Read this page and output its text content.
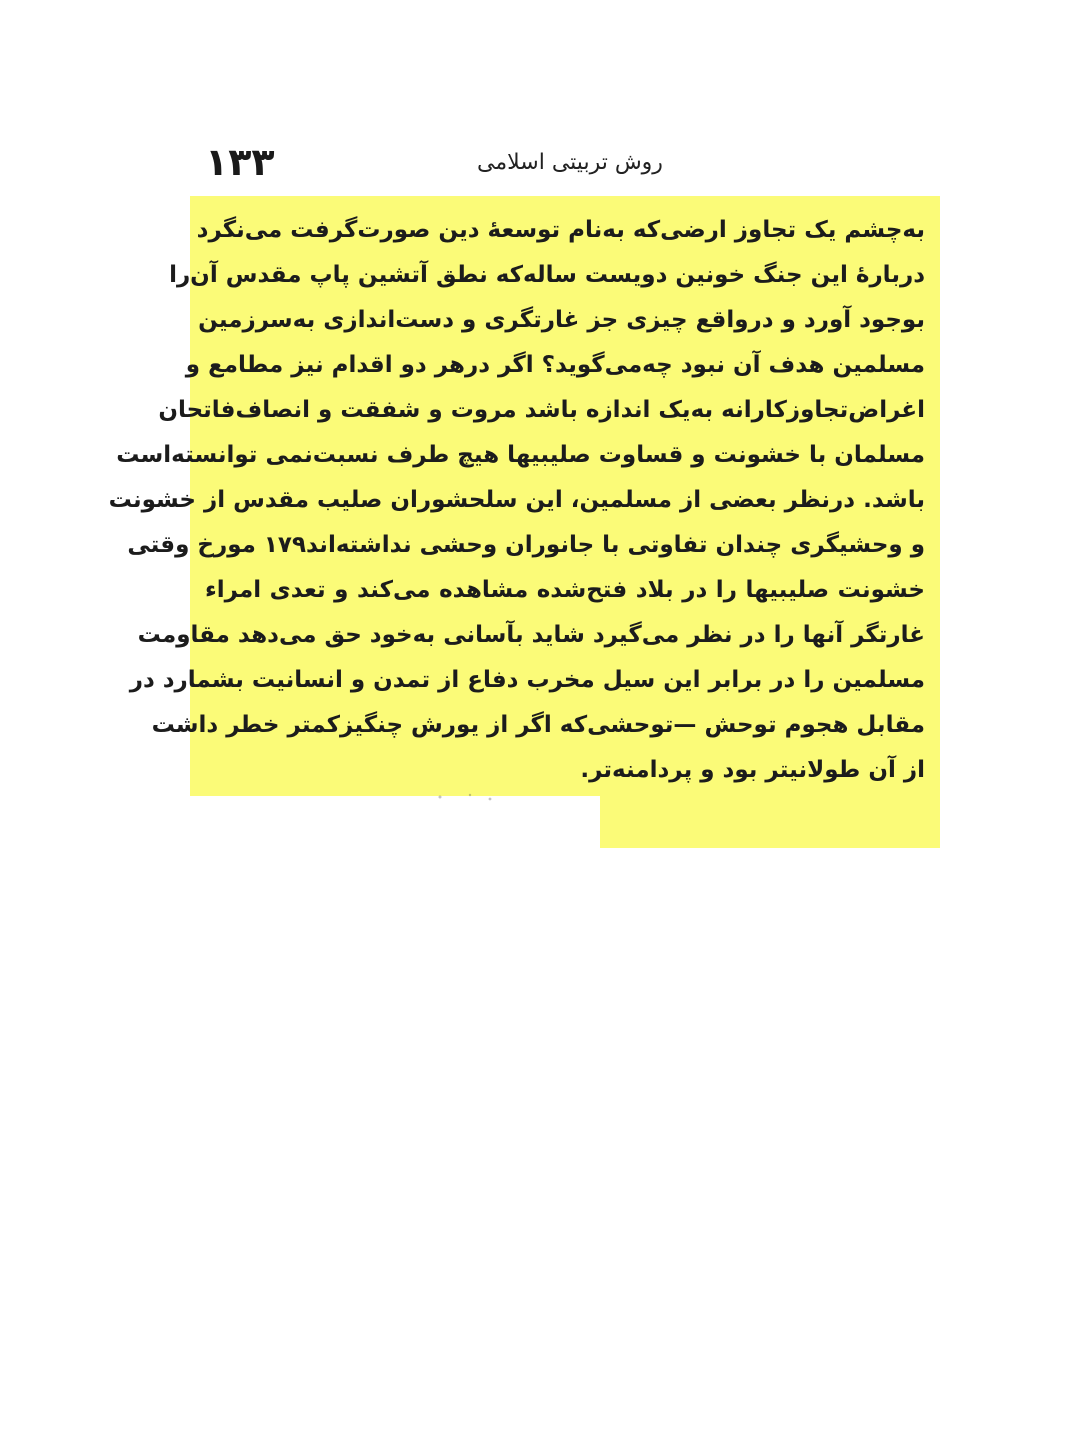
۱۳۳	روش تربیتی اسلامی
به‌چشم یک تجاوز ارضی‌که به‌نام توسعهٔ دین صورت‌گرفت می‌نگرد
دربارهٔ این جنگ خونین دویست ساله‌که نطق آتشین پاپ مقدس آن‌را
بوجود آورد و درواقع چیزی جز غارتگری و دست‌اندازی به‌سرزمین
مسلمین هدف آن نبود چه‌می‌گوید؟ اگر درهر دو اقدام نیز مطامع و
اغراض‌تجاوزکارانه به‌یک اندازه باشد مروت و شفقت و انصاف‌فاتحان
مسلمان با خشونت و قساوت صلیبیها هیچ طرف نسبت‌نمی توانسته‌است
باشد. درنظر بعضی از مسلمین، این سلحشوران صلیب مقدس از خشونت
و وحشیگری چندان تفاوتی با جانوران وحشی نداشته‌اند۱۷۹ مورخ وقتی
خشونت صلیبیها را در بلاد فتح‌شده مشاهده می‌کند و تعدی امراء
غارتگر آنها را در نظر می‌گیرد شاید بآسانی به‌خود حق می‌دهد مقاومت
مسلمین را در برابر این سیل مخرب دفاع از تمدن و انسانیت بشمارد در
مقابل هجوم توحش —توحشی‌که اگر از یورش چنگیزکمتر خطر داشت
از آن طولانیتر بود و پردامنه‌تر.
